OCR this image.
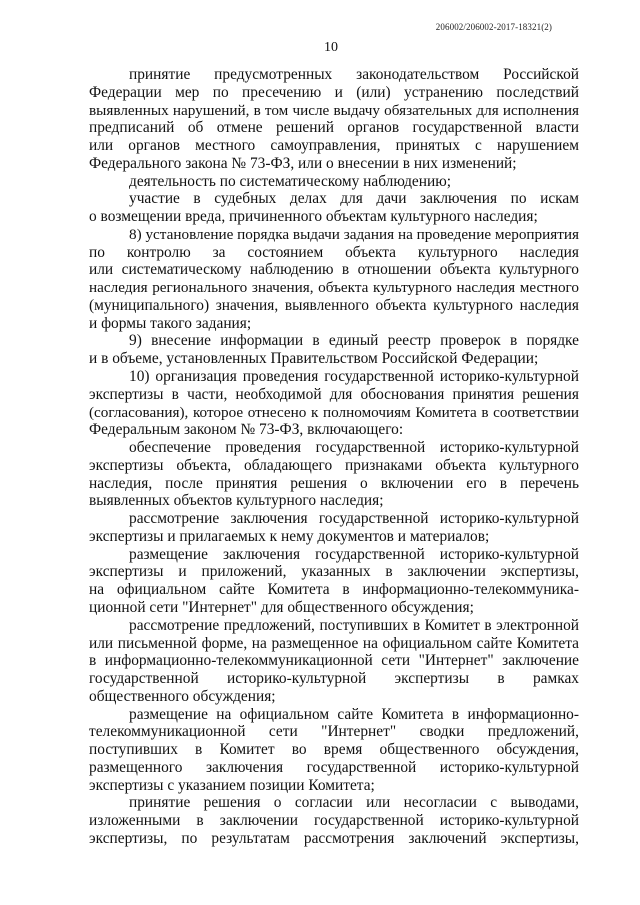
206002/206002-2017-18321(2)
10
принятие предусмотренных законодательством Российской
Федерации мер по пресечению и (или) устранению последствий
выявленных нарушений, в том числе выдачу обязательных для исполнения
предписаний об отмене решений органов государственной власти
или органов местного самоуправления, принятых с нарушением
Федерального закона № 73-ФЗ, или о внесении в них изменений;
деятельность по систематическому наблюдению;
участие в судебных делах для дачи заключения по искам
о возмещении вреда, причиненного объектам культурного наследия;
8) установление порядка выдачи задания на проведение мероприятия
по контролю за состоянием объекта культурного наследия
или систематическому наблюдению в отношении объекта культурного
наследия регионального значения, объекта культурного наследия местного
(муниципального) значения, выявленного объекта культурного наследия
и формы такого задания;
9) внесение информации в единый реестр проверок в порядке
и в объеме, установленных Правительством Российской Федерации;
10) организация проведения государственной историко-культурной
экспертизы в части, необходимой для обоснования принятия решения
(согласования), которое отнесено к полномочиям Комитета в соответствии
Федеральным законом № 73-ФЗ, включающего:
обеспечение проведения государственной историко-культурной
экспертизы объекта, обладающего признаками объекта культурного
наследия, после принятия решения о включении его в перечень
выявленных объектов культурного наследия;
рассмотрение заключения государственной историко-культурной
экспертизы и прилагаемых к нему документов и материалов;
размещение заключения государственной историко-культурной
экспертизы и приложений, указанных в заключении экспертизы,
на официальном сайте Комитета в информационно-телекоммуника-
ционной сети "Интернет" для общественного обсуждения;
рассмотрение предложений, поступивших в Комитет в электронной
или письменной форме, на размещенное на официальном сайте Комитета
в информационно-телекоммуникационной сети "Интернет" заключение
государственной историко-культурной экспертизы в рамках
общественного обсуждения;
размещение на официальном сайте Комитета в информационно-
телекоммуникационной сети "Интернет" сводки предложений,
поступивших в Комитет во время общественного обсуждения,
размещенного заключения государственной историко-культурной
экспертизы с указанием позиции Комитета;
принятие решения о согласии или несогласии с выводами,
изложенными в заключении государственной историко-культурной
экспертизы, по результатам рассмотрения заключений экспертизы,
